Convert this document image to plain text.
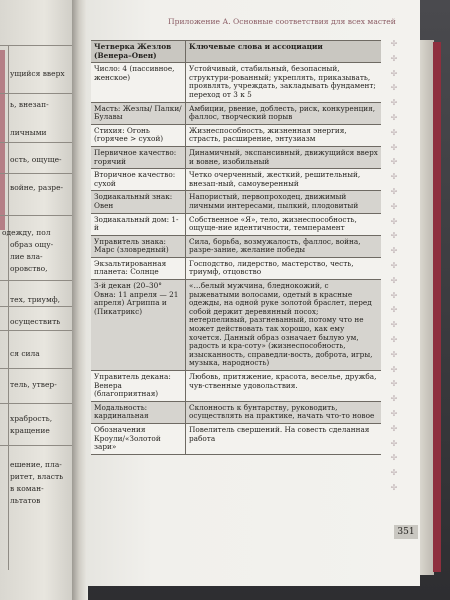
ущийся вверх
ь, внезап-
личными
ость, ощуще-
войне, разре-
одежду, пол
образ ощу-
лие вла-
оровство,
тех, триумф,
осуществить
ся сила
тель, утвер-
храбрость,
кращение
ешение, пла-
ритет, власть
в коман-
льтатов
Приложение А. Основные соответствия для всех мастей
✢
✢
✢
✢
✢
✢
✢
✢
✢
✢
✢
✢
✢
✢
✢
✢
✢
✢
✢
✢
✢
✢
✢
✢
✢
✢
✢
✢
✢
✢
✢
Четверка Жезлов (Венера–Овен)	Ключевые слова и ассоциации
Число: 4 (пассивное, женское)	Устойчивый, стабильный, безопасный, структури-рованный; укреплять, приказывать, проявлять, учреждать, закладывать фундамент; переход от 3 к 5
Масть: Жезлы/ Палки/Булавы	Амбиции, рвение, доблесть, риск, конкуренция, фаллос, творческий порыв
Стихия: Огонь (горячее > сухой)	Жизнеспособность, жизненная энергия, страсть, расширение, энтузиазм
Первичное качество: горячий	Динамичный, экспансивный, движущийся вверх и вовне, изобильный
Вторичное качество: сухой	Четко очерченный, жесткий, решительный, внезап-ный, самоуверенный
Зодиакальный знак: Овен	Напористый, первопроходец, движимый личными интересами, пылкий, плодовитый
Зодиакальный дом: 1-й	Собственное «Я», тело, жизнеспособность, ощуще-ние идентичности, темперамент
Управитель знака: Марс (зловредный)	Сила, борьба, возмужалость, фаллос, война, разре-зание, желание победы
Экзальтированная планета: Солнце	Господство, лидерство, мастерство, честь, триумф, отцовство
3-й декан (20–30° Овна: 11 апреля — 21 апреля) Агриппа и (Пикатрикс)	«…белый мужчина, бледнокожий, с рыжеватыми волосами, одетый в красные одежды, на одной руке золотой браслет, перед собой держит деревянный посох; нетерпеливый, разгневанный, потому что не может действовать так хорошо, как ему хочется. Данный образ означает былую ум, радость и кра-соту» (жизнеспособность, изысканность, справедли-вость, доброта, игры, музыка, народность)
Управитель декана: Венера (благоприятная)	Любовь, притяжение, красота, веселье, дружба, чув-ственные удовольствия.
Модальность: кардинальная	Склонность к бунтарству, руководить, осуществлять на практике, начать что-то новое
Обозначения Кроули/«Золотой зари»	Повелитель свершений. На совесть сделанная работа
351
